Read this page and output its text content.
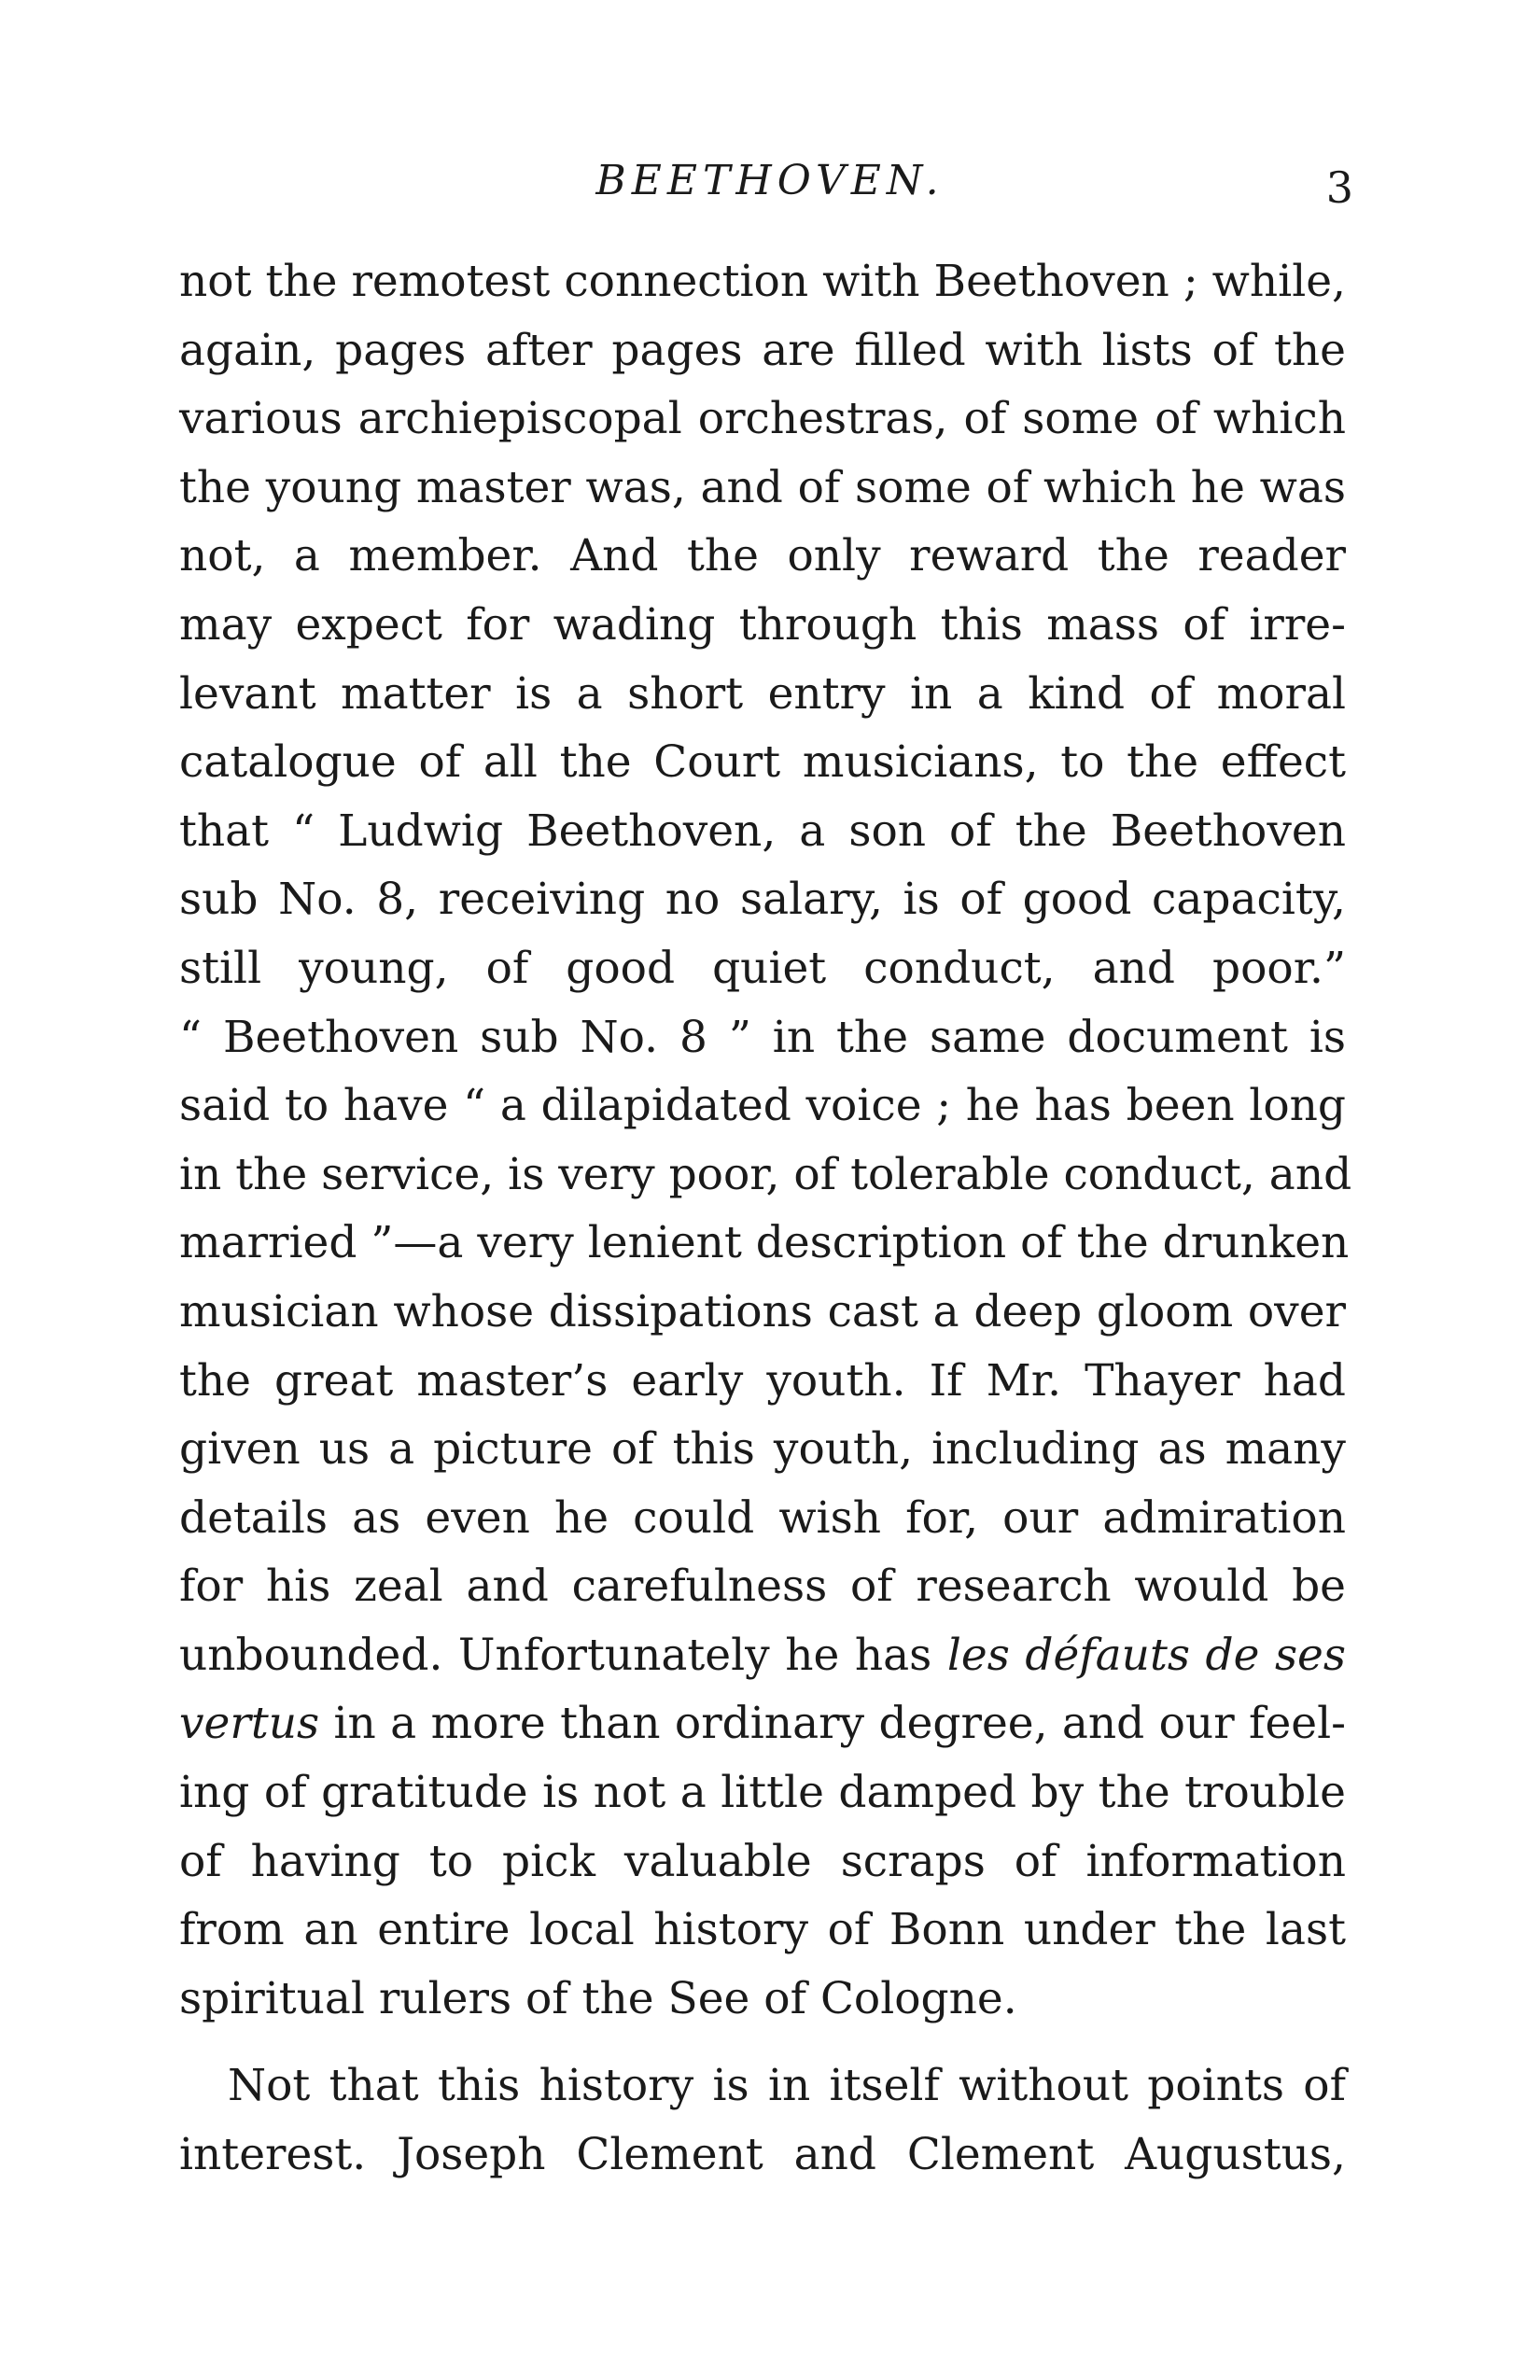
BEETHOVEN.	3
not the remotest connection with Beethoven ; while,
again, pages after pages are filled with lists of the
various archiepiscopal orchestras, of some of which
the young master was, and of some of which he was
not, a member. And the only reward the reader
may expect for wading through this mass of irre-
levant matter is a short entry in a kind of moral
catalogue of all the Court musicians, to the effect
that “ Ludwig Beethoven, a son of the Beethoven
sub No. 8, receiving no salary, is of good capacity,
still young, of good quiet conduct, and poor.”
“ Beethoven sub No. 8 ” in the same document is
said to have “ a dilapidated voice ; he has been long
in the service, is very poor, of tolerable conduct, and
married ”—a very lenient description of the drunken
musician whose dissipations cast a deep gloom over
the great master’s early youth. If Mr. Thayer had
given us a picture of this youth, including as many
details as even he could wish for, our admiration
for his zeal and carefulness of research would be
unbounded. Unfortunately he has les défauts de ses
vertus in a more than ordinary degree, and our feel-
ing of gratitude is not a little damped by the trouble
of having to pick valuable scraps of information
from an entire local history of Bonn under the last
spiritual rulers of the See of Cologne.
Not that this history is in itself without points of
interest. Joseph Clement and Clement Augustus,
